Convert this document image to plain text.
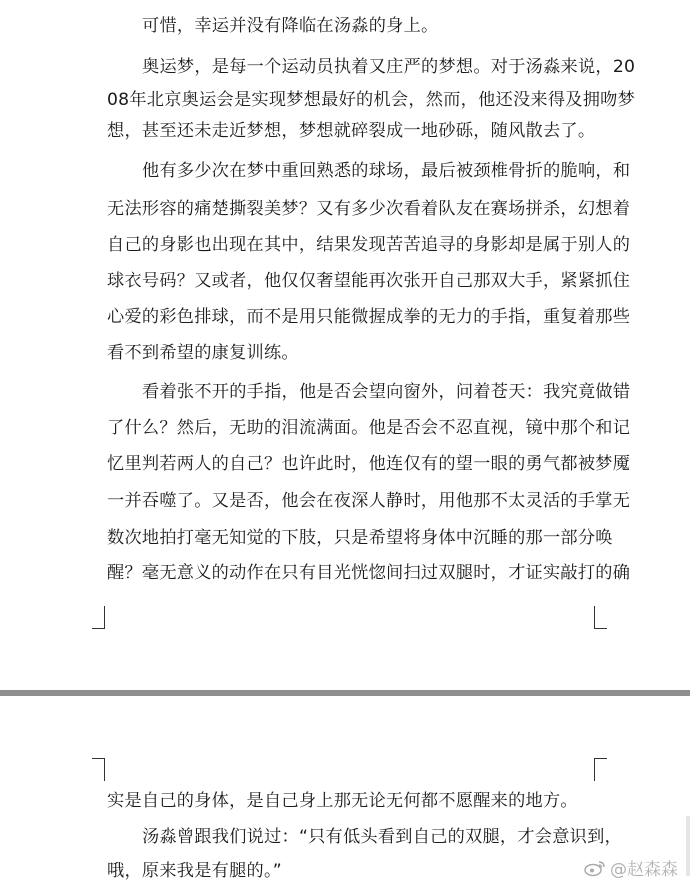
可惜，幸运并没有降临在汤淼的身上。
奥运梦，是每一个运动员执着又庄严的梦想。对于汤淼来说，20
08年北京奥运会是实现梦想最好的机会，然而，他还没来得及拥吻梦
想，甚至还未走近梦想，梦想就碎裂成一地砂砾，随风散去了。
他有多少次在梦中重回熟悉的球场，最后被颈椎骨折的脆响，和
无法形容的痛楚撕裂美梦？又有多少次看着队友在赛场拼杀，幻想着
自己的身影也出现在其中，结果发现苦苦追寻的身影却是属于别人的
球衣号码？又或者，他仅仅奢望能再次张开自己那双大手，紧紧抓住
心爱的彩色排球，而不是用只能微握成拳的无力的手指，重复着那些
看不到希望的康复训练。
看着张不开的手指，他是否会望向窗外，问着苍天：我究竟做错
了什么？然后，无助的泪流满面。他是否会不忍直视，镜中那个和记
忆里判若两人的自己？也许此时，他连仅有的望一眼的勇气都被梦魇
一并吞噬了。又是否，他会在夜深人静时，用他那不太灵活的手掌无
数次地拍打毫无知觉的下肢，只是希望将身体中沉睡的那一部分唤
醒？毫无意义的动作在只有目光恍惚间扫过双腿时，才证实敲打的确
实是自己的身体，是自己身上那无论无何都不愿醒来的地方。
汤淼曾跟我们说过：“只有低头看到自己的双腿，才会意识到，
哦，原来我是有腿的。”	@赵森森
